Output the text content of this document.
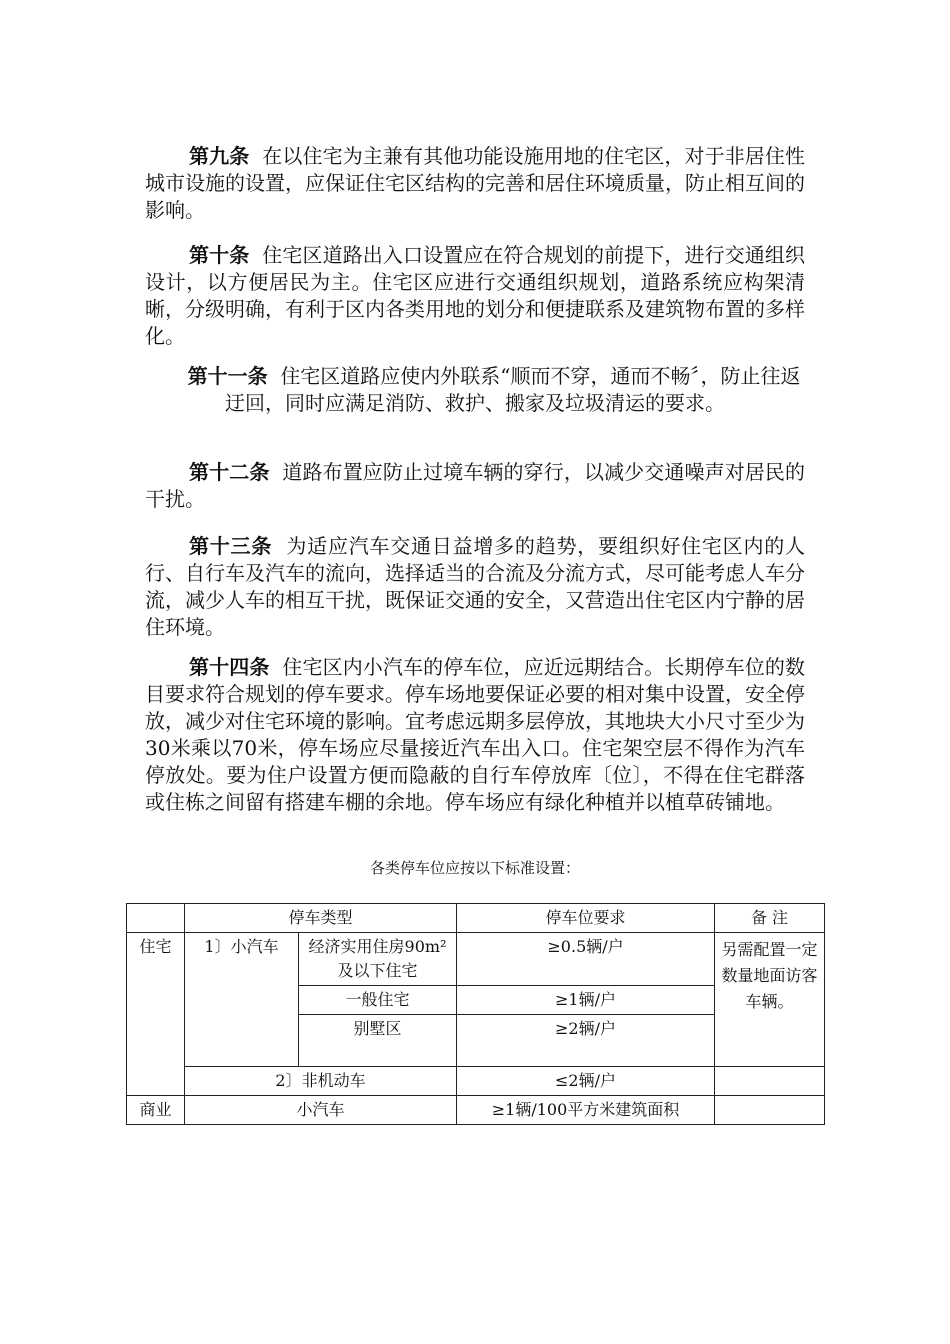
第九条 在以住宅为主兼有其他功能设施用地的住宅区，对于非居住性城市设施的设置，应保证住宅区结构的完善和居住环境质量，防止相互间的影响。

第十条 住宅区道路出入口设置应在符合规划的前提下，进行交通组织设计，以方便居民为主。住宅区应进行交通组织规划，道路系统应构架清晰，分级明确，有利于区内各类用地的划分和便捷联系及建筑物布置的多样化。

第十一条 住宅区道路应使内外联系“顺而不穿，通而不畅〞，防止往返迂回，同时应满足消防、救护、搬家及垃圾清运的要求。

第十二条 道路布置应防止过境车辆的穿行，以减少交通噪声对居民的干扰。

第十三条 为适应汽车交通日益增多的趋势，要组织好住宅区内的人行、自行车及汽车的流向，选择适当的合流及分流方式，尽可能考虑人车分流，减少人车的相互干扰，既保证交通的安全，又营造出住宅区内宁静的居住环境。

第十四条 住宅区内小汽车的停车位，应近远期结合。长期停车位的数目要求符合规划的停车要求。停车场地要保证必要的相对集中设置，安全停放，减少对住宅环境的影响。宜考虑远期多层停放，其地块大小尺寸至少为30米乘以70米，停车场应尽量接近汽车出入口。住宅架空层不得作为汽车停放处。要为住户设置方便而隐蔽的自行车停放库〔位〕，不得在住宅群落或住栋之间留有搭建车棚的余地。停车场应有绿化种植并以植草砖铺地。

各类停车位应按以下标准设置：
	停车类型		停车位要求	备 注
住宅	1〕小汽车	经济实用住房90m²及以下住宅	≥0.5辆/户	另需配置一定数量地面访客车辆。
		一般住宅	≥1辆/户	
		别墅区	≥2辆/户	
	2〕非机动车		≤2辆/户	
商业	小汽车		≥1辆/100平方米建筑面积	
